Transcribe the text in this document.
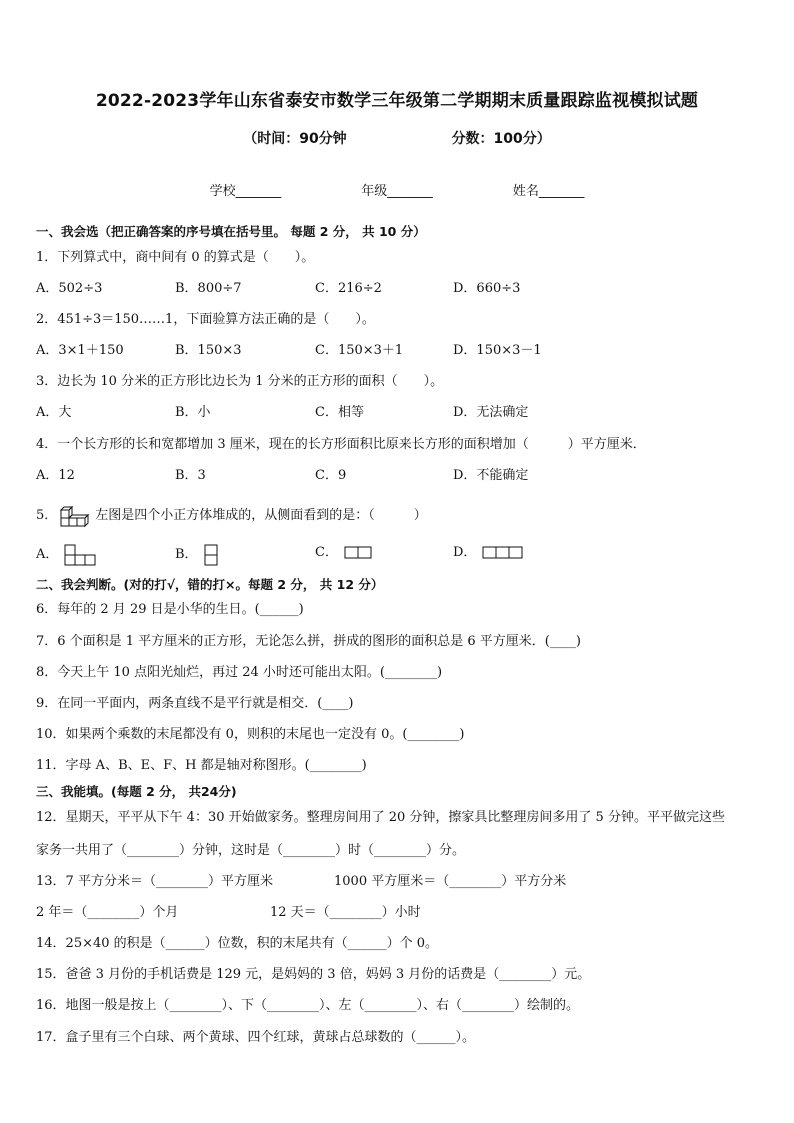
2022-2023学年山东省泰安市数学三年级第二学期期末质量跟踪监视模拟试题
（时间：90分钟	分数：100分）
学校_______	年级_______	姓名_______
一、我会选（把正确答案的序号填在括号里。 每题 2 分， 共 10 分）
1．下列算式中，商中间有 0 的算式是（　　）。
A．502÷3	B．800÷7	C．216÷2	D．660÷3
2．451÷3＝150……1，下面验算方法正确的是（　　）。
A．3×1＋150	B．150×3	C．150×3＋1	D．150×3－1
3．边长为 10 分米的正方形比边长为 1 分米的正方形的面积（　　）。
A．大	B．小	C．相等	D．无法确定
4．一个长方形的长和宽都增加 3 厘米，现在的长方形面积比原来长方形的面积增加（　　　）平方厘米．
A．12	B．3	C．9	D．不能确定
5．	左图是四个小正方体堆成的，从侧面看到的是：（　　　）
A．	B．	C．	D．
二、我会判断。(对的打√，错的打×。每题 2 分， 共 12 分）
6．每年的 2 月 29 日是小华的生日。(______)
7．6 个面积是 1 平方厘米的正方形，无论怎么拼，拼成的图形的面积总是 6 平方厘米．(____)
8．今天上午 10 点阳光灿烂，再过 24 小时还可能出太阳。(________)
9．在同一平面内，两条直线不是平行就是相交．(____)
10．如果两个乘数的末尾都没有 0，则积的末尾也一定没有 0。(________)
11．字母 A、B、E、F、H 都是轴对称图形。(________)
三、我能填。(每题 2 分， 共24分)
12．星期天，平平从下午 4：30 开始做家务。整理房间用了 20 分钟，擦家具比整理房间多用了 5 分钟。平平做完这些
家务一共用了（________）分钟，这时是（________）时（________）分。
13．7 平方分米＝（________）平方厘米	1000 平方厘米＝（________）平方分米
2 年＝（________）个月	12 天＝（________）小时
14．25×40 的积是（______）位数，积的末尾共有（______）个 0。
15．爸爸 3 月份的手机话费是 129 元，是妈妈的 3 倍，妈妈 3 月份的话费是（________）元。
16．地图一般是按上（________）、下（________）、左（________）、右（________）绘制的。
17．盒子里有三个白球、两个黄球、四个红球，黄球占总球数的（______）。
